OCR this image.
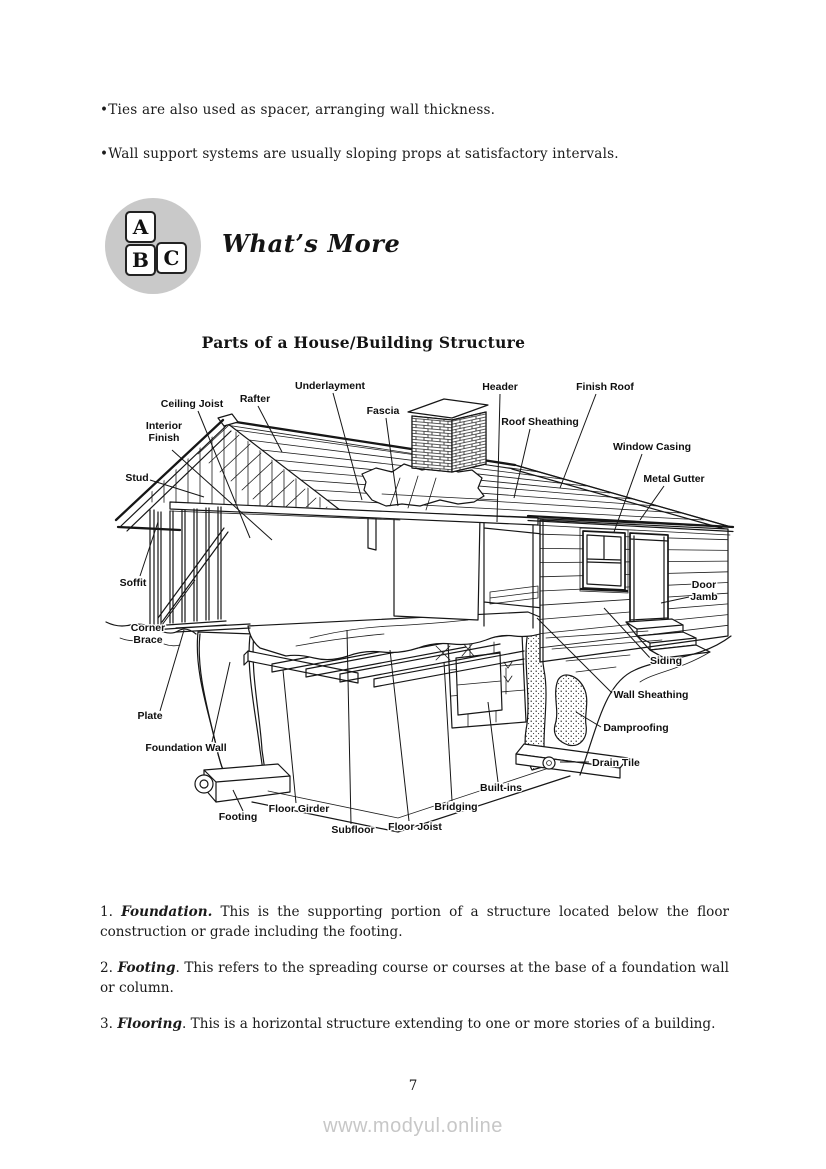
•Ties are also used as spacer, arranging wall thickness.

•Wall support systems are usually sloping props at satisfactory intervals.

A
B C	What’s More
Parts of a House/Building Structure
Ceiling Joist Rafter
Underlayment
Fascia
Header	Finish Roof
Roof Sheathing
Window Casing
Metal Gutter
Interior Finish
Stud
Soffit	Door Jamb
Corner Brace
Siding
Wall Sheathing
Plate
Damproofing
Foundation Wall
Drain Tile
Built-ins
Bridging
Floor Joist
Subfloor
Floor Girder
Footing

1. Foundation. This is the supporting portion of a structure located below the floor construction or grade including the footing.

2. Footing. This refers to the spreading course or courses at the base of a foundation wall or column.

3. Flooring. This is a horizontal structure extending to one or more stories of a building.

7
www.modyul.online
